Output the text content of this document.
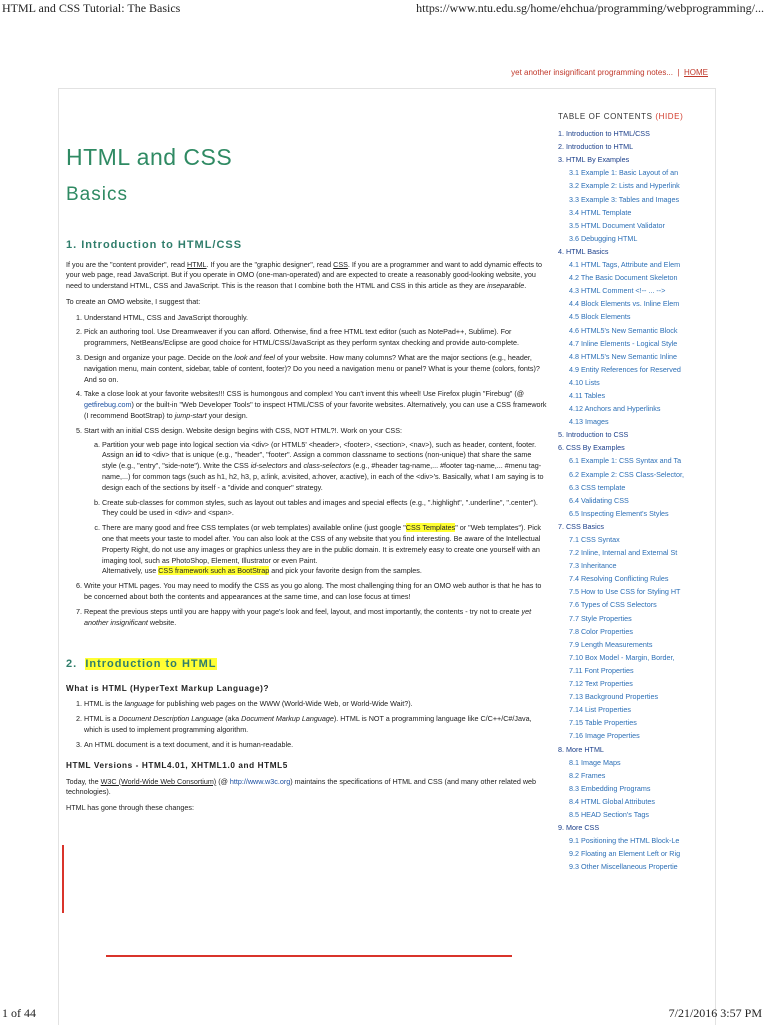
HTML and CSS Tutorial: The Basics	https://www.ntu.edu.sg/home/ehchua/programming/webprogramming/...
yet another insignificant programming notes... | HOME
HTML and CSS
Basics
1. Introduction to HTML/CSS

If you are the "content provider", read HTML. If you are the "graphic designer", read CSS. If you are a programmer and want to add dynamic effects to your web page, read JavaScript. But if you operate in OMO (one-man-operated) and are expected to create a reasonably good-looking website, you need to understand HTML, CSS and JavaScript. This is the reason that I combine both the HTML and CSS in this article as they are inseparable.

To create an OMO website, I suggest that:

1. Understand HTML, CSS and JavaScript thoroughly.
2. Pick an authoring tool. Use Dreamweaver if you can afford. Otherwise, find a free HTML text editor (such as NotePad++, Sublime). For programmers, NetBeans/Eclipse are good choice for HTML/CSS/JavaScript as they perform syntax checking and provide auto-complete.
3. Design and organize your page. Decide on the look and feel of your website. How many columns? What are the major sections (e.g., header, navigation menu, main content, sidebar, table of content, footer)? Do you need a navigation menu or panel? What is your theme (colors, fonts)? And so on.
4. Take a close look at your favorite websites!!! CSS is humongous and complex! You can't invent this wheel! Use Firefox plugin "Firebug" (@ getfirebug.com) or the built-in "Web Developer Tools" to inspect HTML/CSS of your favorite websites. Alternatively, you can use a CSS framework (I recommend BootStrap) to jump-start your design.
5. Start with an initial CSS design. Website design begins with CSS, NOT HTML?!. Work on your CSS:
a. Partition your web page into logical section via <div> (or HTML5' <header>, <footer>, <section>, <nav>), such as header, content, footer. Assign an id to <div> that is unique (e.g., "header", "footer". Assign a common classname to sections (non-unique) that share the same style (e.g., "entry", "side-note"). Write the CSS id-selectors and class-selectors (e.g., #header tag-name,... #footer tag-name,... #menu tag-name,...) for common tags (such as h1, h2, h3, p, a:link, a:visited, a:hover, a:active), in each of the <div>'s. Basically, what I am saying is to design each of the sections by itself - a "divide and conquer" strategy.
b. Create sub-classes for common styles, such as layout out tables and images and special effects (e.g., ".highlight", ".underline", ".center"). They could be used in <div> and <span>.
c. There are many good and free CSS templates (or web templates) available online (just google "CSS Templates" or "Web templates"). Pick one that meets your taste to model after. You can also look at the CSS of any website that you find interesting. Be aware of the Intellectual Property Right, do not use any images or graphics unless they are in the public domain. It is extremely easy to create one yourself with an imaging tool, such as PhotoShop, Element, Illustrator or even Paint.
Alternatively, use CSS framework such as BootStrap and pick your favorite design from the samples.
6. Write your HTML pages. You may need to modify the CSS as you go along. The most challenging thing for an OMO web author is that he has to be concerned about both the contents and appearances at the same time, and can lose focus at times!
7. Repeat the previous steps until you are happy with your page's look and feel, layout, and most importantly, the contents - try not to create yet another insignificant website.
2. Introduction to HTML
What is HTML (HyperText Markup Language)?
1. HTML is the language for publishing web pages on the WWW (World-Wide Web, or World-Wide Wait?).
2. HTML is a Document Description Language (aka Document Markup Language). HTML is NOT a programming language like C/C++/C#/Java, which is used to implement programming algorithm.
3. An HTML document is a text document, and it is human-readable.
HTML Versions - HTML4.01, XHTML1.0 and HTML5

Today, the W3C (World-Wide Web Consortium) (@ http://www.w3c.org) maintains the specifications of HTML and CSS (and many other related web technologies).

HTML has gone through these changes:

TABLE OF CONTENTS (HIDE)
1. Introduction to HTML/CSS
2. Introduction to HTML
3. HTML By Examples
3.1 Example 1: Basic Layout of an
3.2 Example 2: Lists and Hyperlink
3.3 Example 3: Tables and Images
3.4 HTML Template
3.5 HTML Document Validator
3.6 Debugging HTML
4. HTML Basics
4.1 HTML Tags, Attribute and Elem
4.2 The Basic Document Skeleton
4.3 HTML Comment <!-- ... -->
4.4 Block Elements vs. Inline Elem
4.5 Block Elements
4.6 HTML5's New Semantic Block
4.7 Inline Elements - Logical Style
4.8 HTML5's New Semantic Inline
4.9 Entity References for Reserved
4.10 Lists
4.11 Tables
4.12 Anchors and Hyperlinks
4.13 Images
5. Introduction to CSS
6. CSS By Examples
6.1 Example 1: CSS Syntax and Ta
6.2 Example 2: CSS Class-Selector,
6.3 CSS template
6.4 Validating CSS
6.5 Inspecting Element's Styles
7. CSS Basics
7.1 CSS Syntax
7.2 Inline, Internal and External St
7.3 Inheritance
7.4 Resolving Conflicting Rules
7.5 How to Use CSS for Styling HT
7.6 Types of CSS Selectors
7.7 Style Properties
7.8 Color Properties
7.9 Length Measurements
7.10 Box Model - Margin, Border,
7.11 Font Properties
7.12 Text Properties
7.13 Background Properties
7.14 List Properties
7.15 Table Properties
7.16 Image Properties
8. More HTML
8.1 Image Maps
8.2 Frames
8.3 Embedding Programs
8.4 HTML Global Attributes
8.5 HEAD Section's Tags
9. More CSS
9.1 Positioning the HTML Block-Le
9.2 Floating an Element Left or Rig
9.3 Other Miscellaneous Propertie
1 of 44	7/21/2016 3:57 PM
